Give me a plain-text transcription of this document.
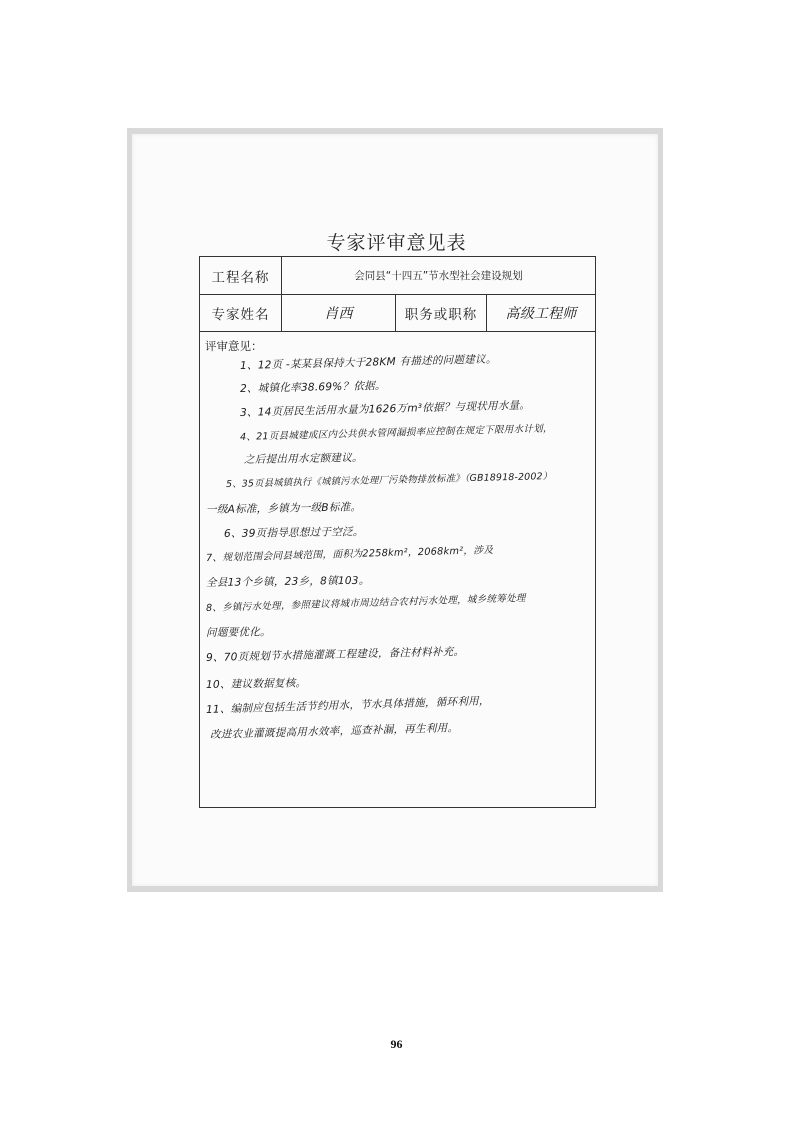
专家评审意见表
工程名称	会同县“十四五”节水型社会建设规划
专家姓名	肖西	职务或职称	高级工程师
评审意见：
1、12页 -某某县保持大于28KM 有描述的问题建议。
2、城镇化率38.69%？依据。
3、14页居民生活用水量为1626万m³依据？与现状用水量。
4、21页县城建成区内公共供水管网漏损率应控制在规定下限用水计划，
之后提出用水定额建议。
5、35页县城镇执行《城镇污水处理厂污染物排放标准》（GB18918-2002）
一级A标准，乡镇为一级B标准。
6、39页指导思想过于空泛。
7、规划范围会同县域范围，面积为2258km²，2068km²，涉及
全县13个乡镇，23乡，8镇103。
8、乡镇污水处理，参照建议将城市周边结合农村污水处理，城乡统筹处理
问题要优化。
9、70页规划节水措施灌溉工程建设，备注材料补充。
10、建议数据复核。
11、编制应包括生活节约用水，节水具体措施，循环利用，
改进农业灌溉提高用水效率，巡查补漏，再生利用。
96
